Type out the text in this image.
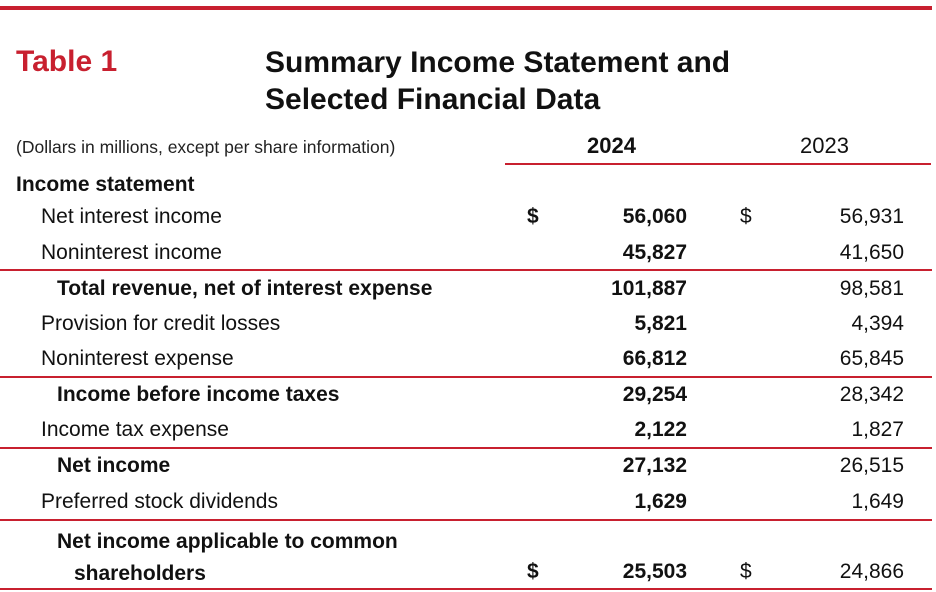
Table 1	Summary Income Statement and
Selected Financial Data
(Dollars in millions, except per share information)	2024	2023
Income statement
Net interest income	$	56,060	$	56,931
Noninterest income	45,827	41,650
Total revenue, net of interest expense	101,887	98,581
Provision for credit losses	5,821	4,394
Noninterest expense	66,812	65,845
Income before income taxes	29,254	28,342
Income tax expense	2,122	1,827
Net income	27,132	26,515
Preferred stock dividends	1,629	1,649
Net income applicable to common
shareholders	$	25,503	$	24,866
